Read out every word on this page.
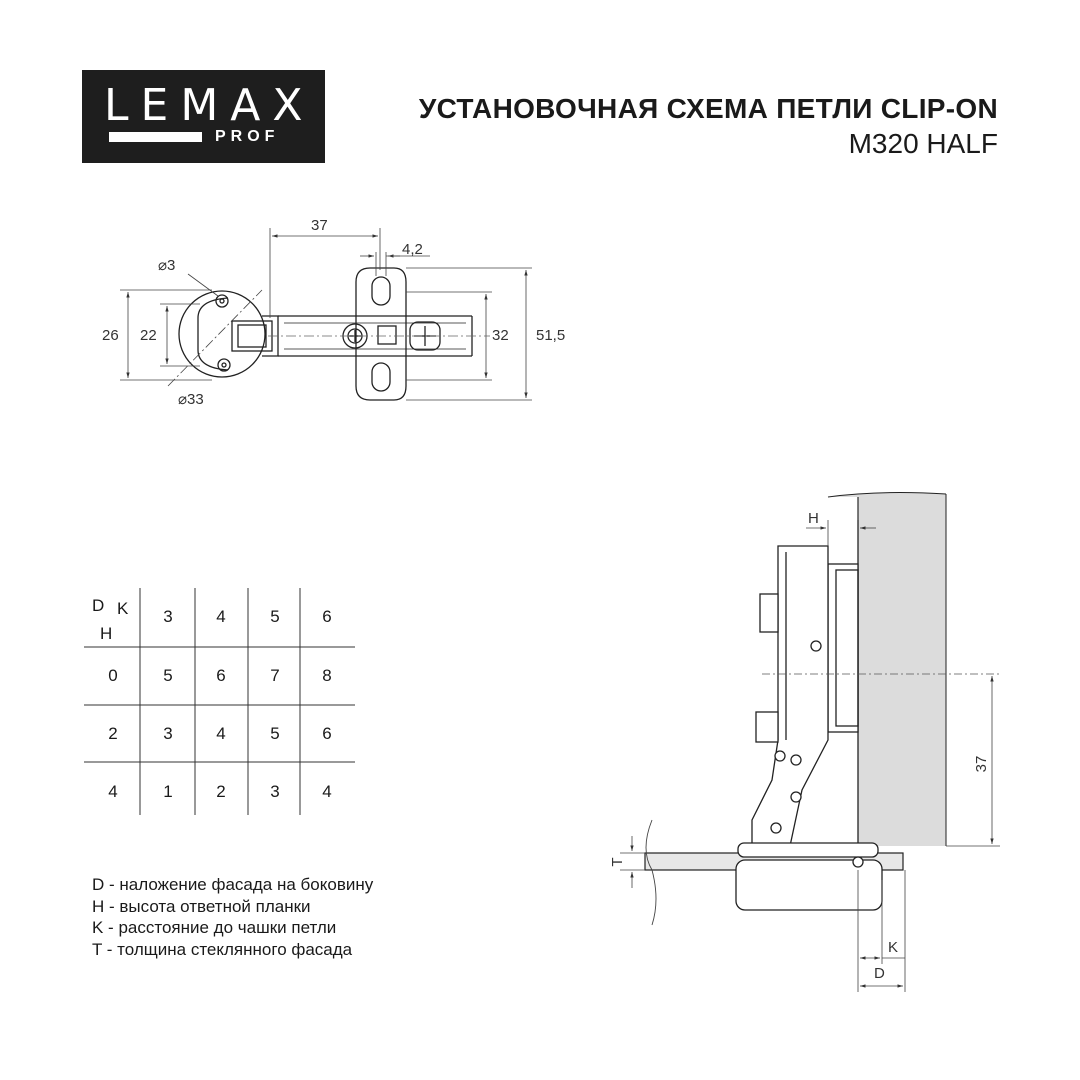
LEMAX
PROF
УСТАНОВОЧНАЯ СХЕМА ПЕТЛИ CLIP-ON
M320 HALF
37
4,2
⌀3
26 22	32 51,5
⌀33
D K
H
3	4	5	6
0	5	6	7	8
2	3	4	5	6
4	1	2	3	4
H
37
T
K
D
D - наложение фасада на боковину
H - высота ответной планки
K - расстояние до чашки петли
T - толщина стеклянного фасада
